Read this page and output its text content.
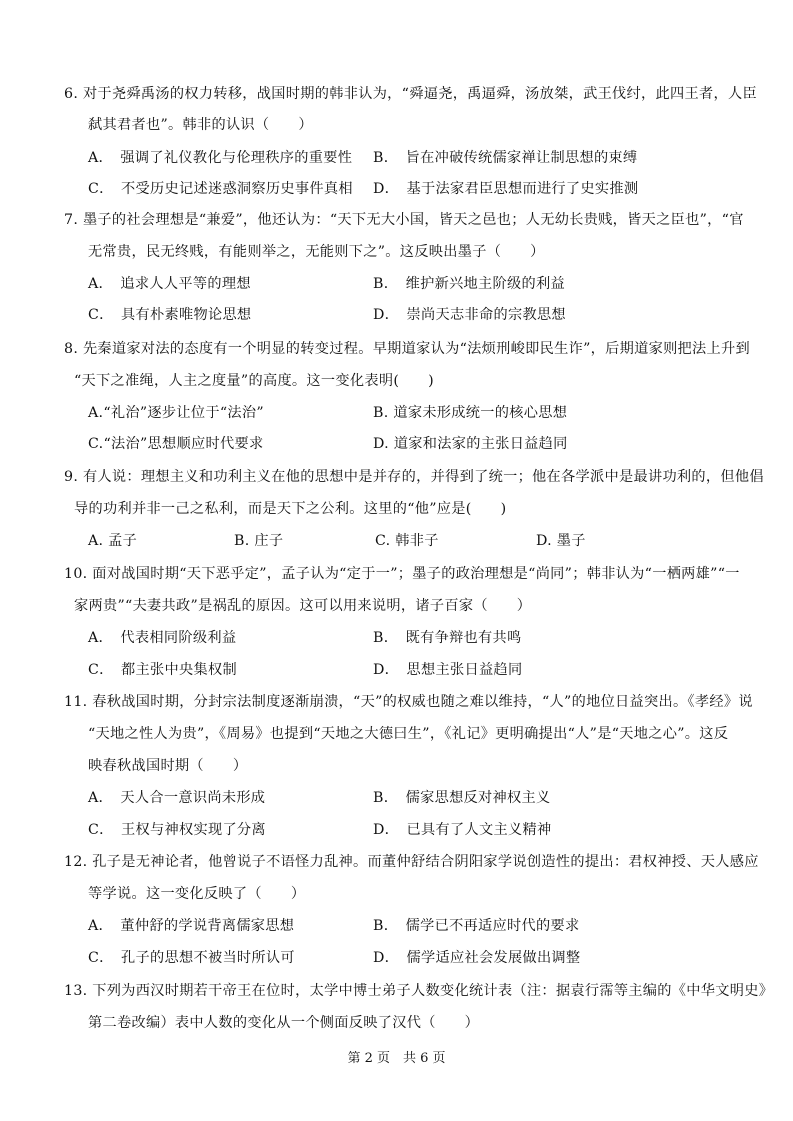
6. 对于尧舜禹汤的权力转移，战国时期的韩非认为，“舜逼尧，禹逼舜，汤放桀，武王伐纣，此四王者，人臣
弑其君者也”。韩非的认识（　　）
A．　强调了礼仪教化与伦理秩序的重要性 B．　旨在冲破传统儒家禅让制思想的束缚
C．　不受历史记述迷惑洞察历史事件真相 D．　基于法家君臣思想而进行了史实推测
7. 墨子的社会理想是“兼爱”，他还认为：“天下无大小国，皆天之邑也；人无幼长贵贱，皆天之臣也”，“官
无常贵，民无终贱，有能则举之，无能则下之”。这反映出墨子（　　）
A．　追求人人平等的理想	B．　维护新兴地主阶级的利益
C．　具有朴素唯物论思想	D．　崇尚天志非命的宗教思想
8. 先秦道家对法的态度有一个明显的转变过程。早期道家认为“法烦刑峻即民生诈”，后期道家则把法上升到
“天下之准绳，人主之度量”的高度。这一变化表明(　　)
A.“礼治”逐步让位于“法治”	B. 道家未形成统一的核心思想
C.“法治”思想顺应时代要求	D. 道家和法家的主张日益趋同
9. 有人说：理想主义和功利主义在他的思想中是并存的，并得到了统一；他在各学派中是最讲功利的，但他倡
导的功利并非一己之私利，而是天下之公利。这里的“他”应是(　　)
A. 孟子	B. 庄子	C. 韩非子	D. 墨子
10. 面对战国时期“天下恶乎定”，孟子认为“定于一”；墨子的政治理想是“尚同”；韩非认为“一栖两雄”“一
家两贵”“夫妻共政”是祸乱的原因。这可以用来说明，诸子百家（　　）
A．　代表相同阶级利益	B．　既有争辩也有共鸣
C．　都主张中央集权制	D．　思想主张日益趋同
11. 春秋战国时期，分封宗法制度逐渐崩溃，“天”的权威也随之难以维持，“人”的地位日益突出。《孝经》说
“天地之性人为贵”，《周易》也提到“天地之大德曰生”，《礼记》更明确提出“人”是“天地之心”。这反
映春秋战国时期（　　）
A．　天人合一意识尚未形成	B．　儒家思想反对神权主义
C．　王权与神权实现了分离	D．　已具有了人文主义精神
12. 孔子是无神论者，他曾说子不语怪力乱神。而董仲舒结合阴阳家学说创造性的提出：君权神授、天人感应
等学说。这一变化反映了（　　）
A．　董仲舒的学说背离儒家思想	B．　儒学已不再适应时代的要求
C．　孔子的思想不被当时所认可	D．　儒学适应社会发展做出调整
13. 下列为西汉时期若干帝王在位时，太学中博士弟子人数变化统计表（注：据袁行霈等主编的《中华文明史》
第二卷改编）表中人数的变化从一个侧面反映了汉代（　　）
第 2 页　共 6 页
